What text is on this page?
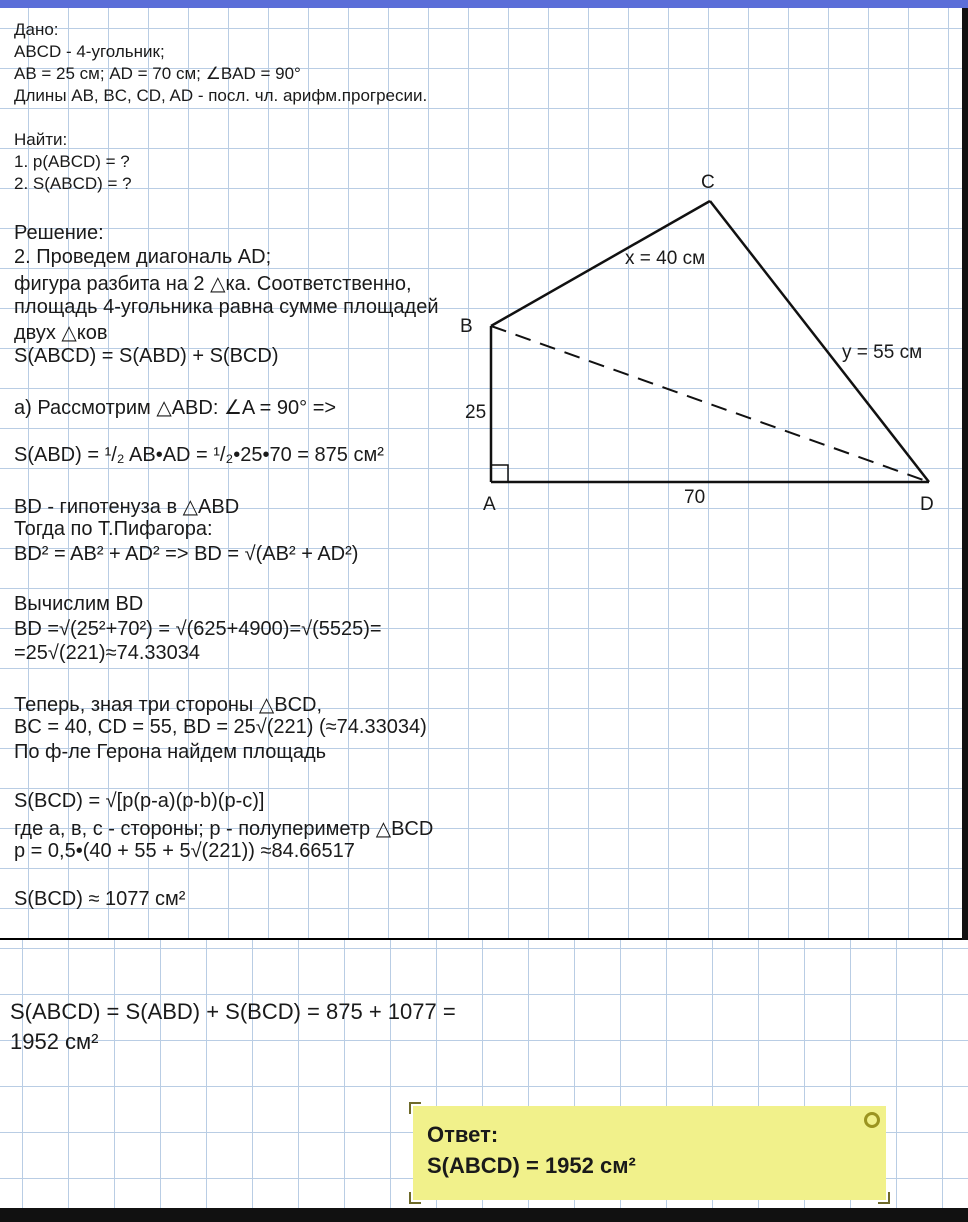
Дано:
ABCD - 4-угольник;
AB = 25 см; AD = 70 см; ∠BAD = 90°
Длины AB, BC, CD, AD - посл. чл. арифм.прогресии.
Найти:
1. p(ABCD) = ?
2. S(ABCD) = ?
Решение:
2. Проведем диагональ AD;
фигура разбита на 2 △ка. Соответственно,
площадь 4-угольника равна сумме площадей
двух △ков
S(ABCD) = S(ABD) + S(BCD)
а) Рассмотрим △ABD: ∠A = 90° =>
S(ABD) = ¹/₂ AB•AD = ¹/₂•25•70 = 875 см²
BD - гипотенуза в △ABD
Тогда по Т.Пифагора:
BD² = AB² + AD² => BD = √(AB² + AD²)
Вычислим BD
BD =√(25²+70²) = √(625+4900)=√(5525)=
=25√(221)≈74.33034
Теперь, зная три стороны △BCD,
BC = 40, CD = 55, BD = 25√(221) (≈74.33034)
По ф-ле Герона найдем площадь
S(BCD) = √[p(p-a)(p-b)(p-c)]
где а, в, с - стороны; p - полупериметр △BCD
p = 0,5•(40 + 55 + 5√(221)) ≈84.66517
S(BCD) ≈ 1077 см²
C
B
A	D
x = 40 см
y = 55 см
25
70
S(ABCD) = S(ABD) + S(BCD) = 875 + 1077 =
1952 см²
Ответ:
S(ABCD) = 1952 см²
